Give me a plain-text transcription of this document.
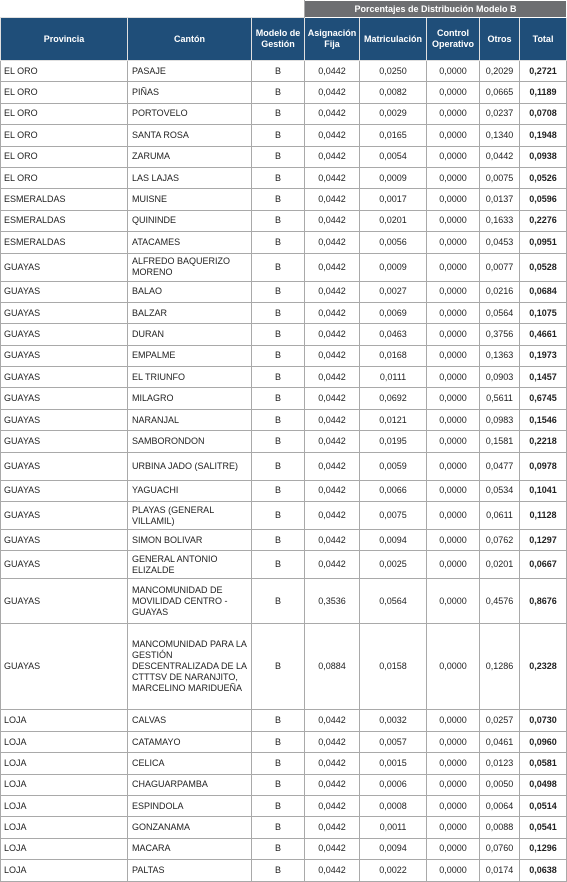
			Porcentajes de Distribución Modelo B				
Provincia	Cantón	Modelo de Gestión	Asignación Fija	Matriculación	Control Operativo	Otros	Total
EL ORO	PASAJE	B	0,0442	0,0250	0,0000	0,2029	0,2721
EL ORO	PIÑAS	B	0,0442	0,0082	0,0000	0,0665	0,1189
EL ORO	PORTOVELO	B	0,0442	0,0029	0,0000	0,0237	0,0708
EL ORO	SANTA ROSA	B	0,0442	0,0165	0,0000	0,1340	0,1948
EL ORO	ZARUMA	B	0,0442	0,0054	0,0000	0,0442	0,0938
EL ORO	LAS LAJAS	B	0,0442	0,0009	0,0000	0,0075	0,0526
ESMERALDAS	MUISNE	B	0,0442	0,0017	0,0000	0,0137	0,0596
ESMERALDAS	QUININDE	B	0,0442	0,0201	0,0000	0,1633	0,2276
ESMERALDAS	ATACAMES	B	0,0442	0,0056	0,0000	0,0453	0,0951
GUAYAS	ALFREDO BAQUERIZO MORENO	B	0,0442	0,0009	0,0000	0,0077	0,0528
GUAYAS	BALAO	B	0,0442	0,0027	0,0000	0,0216	0,0684
GUAYAS	BALZAR	B	0,0442	0,0069	0,0000	0,0564	0,1075
GUAYAS	DURAN	B	0,0442	0,0463	0,0000	0,3756	0,4661
GUAYAS	EMPALME	B	0,0442	0,0168	0,0000	0,1363	0,1973
GUAYAS	EL TRIUNFO	B	0,0442	0,0111	0,0000	0,0903	0,1457
GUAYAS	MILAGRO	B	0,0442	0,0692	0,0000	0,5611	0,6745
GUAYAS	NARANJAL	B	0,0442	0,0121	0,0000	0,0983	0,1546
GUAYAS	SAMBORONDON	B	0,0442	0,0195	0,0000	0,1581	0,2218
GUAYAS	URBINA JADO (SALITRE)	B	0,0442	0,0059	0,0000	0,0477	0,0978
GUAYAS	YAGUACHI	B	0,0442	0,0066	0,0000	0,0534	0,1041
GUAYAS	PLAYAS (GENERAL VILLAMIL)	B	0,0442	0,0075	0,0000	0,0611	0,1128
GUAYAS	SIMON BOLIVAR	B	0,0442	0,0094	0,0000	0,0762	0,1297
GUAYAS	GENERAL ANTONIO ELIZALDE	B	0,0442	0,0025	0,0000	0,0201	0,0667
GUAYAS	MANCOMUNIDAD DE MOVILIDAD CENTRO - GUAYAS	B	0,3536	0,0564	0,0000	0,4576	0,8676
GUAYAS	MANCOMUNIDAD PARA LA GESTIÓN DESCENTRALIZADA DE LA CTTTSV DE NARANJITO, MARCELINO MARIDUEÑA	B	0,0884	0,0158	0,0000	0,1286	0,2328
LOJA	CALVAS	B	0,0442	0,0032	0,0000	0,0257	0,0730
LOJA	CATAMAYO	B	0,0442	0,0057	0,0000	0,0461	0,0960
LOJA	CELICA	B	0,0442	0,0015	0,0000	0,0123	0,0581
LOJA	CHAGUARPAMBA	B	0,0442	0,0006	0,0000	0,0050	0,0498
LOJA	ESPINDOLA	B	0,0442	0,0008	0,0000	0,0064	0,0514
LOJA	GONZANAMA	B	0,0442	0,0011	0,0000	0,0088	0,0541
LOJA	MACARA	B	0,0442	0,0094	0,0000	0,0760	0,1296
LOJA	PALTAS	B	0,0442	0,0022	0,0000	0,0174	0,0638
